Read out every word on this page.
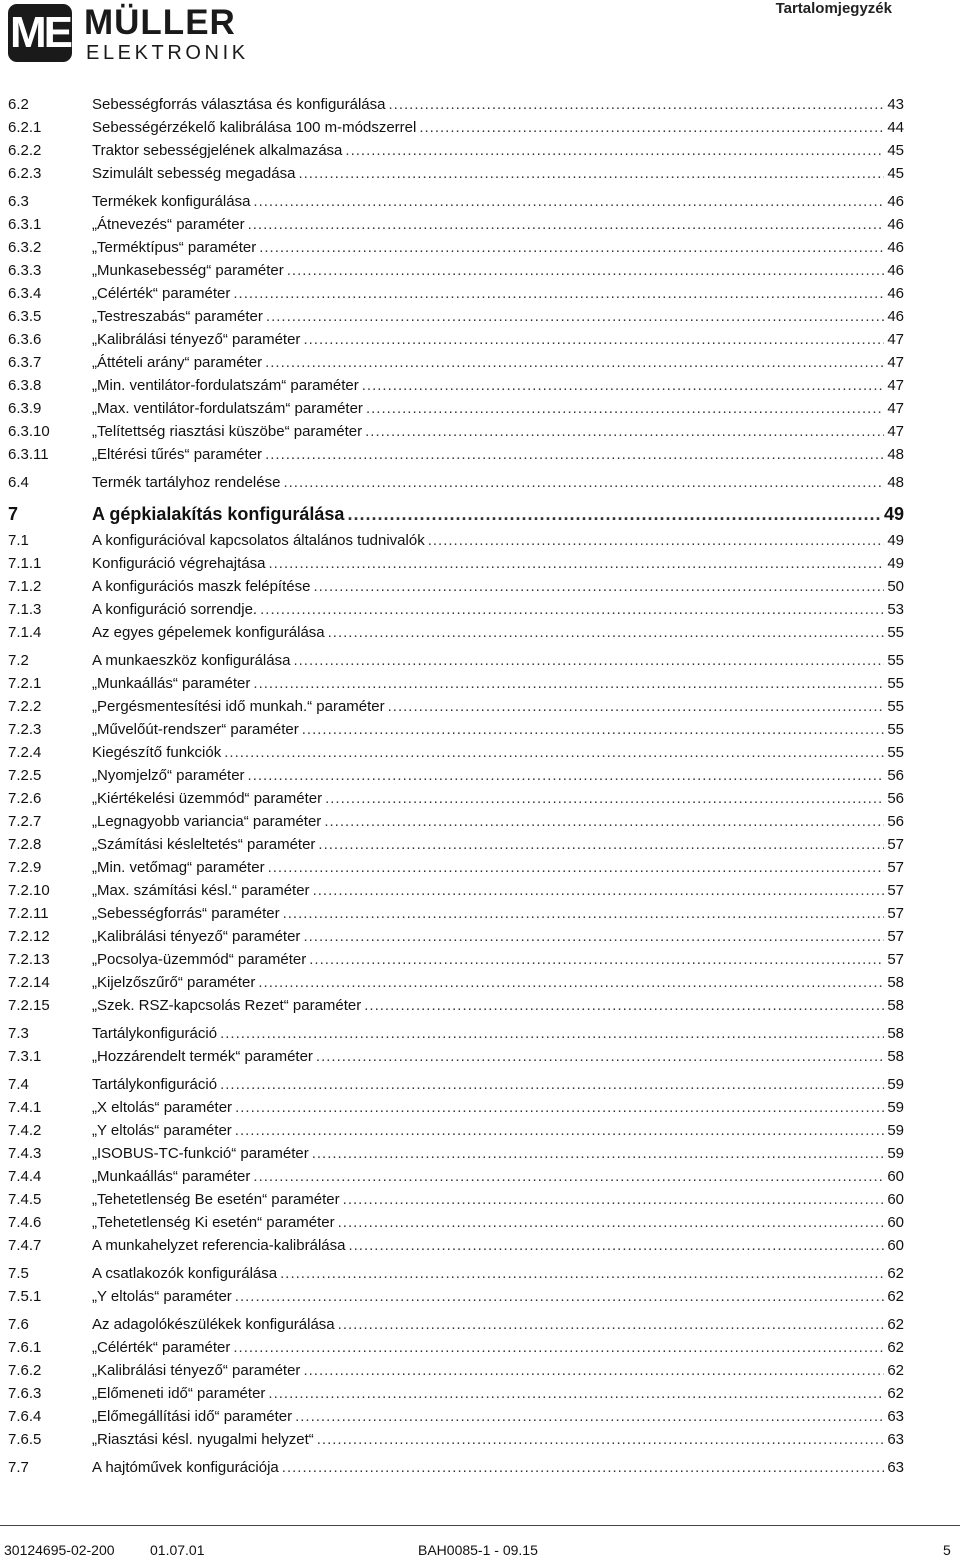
ME MÜLLER
ELEKTRONIK
Tartalomjegyzék
6.2	Sebességforrás választása és konfigurálása .....	43
6.2.1	Sebességérzékelő kalibrálása 100 m-módszerrel .....	44
6.2.2	Traktor sebességjelének alkalmazása .....	45
6.2.3	Szimulált sebesség megadása .....	45
6.3	Termékek konfigurálása .....	46
6.3.1	„Átnevezés“ paraméter .....	46
6.3.2	„Terméktípus“ paraméter .....	46
6.3.3	„Munkasebesség“ paraméter .....	46
6.3.4	„Célérték“ paraméter .....	46
6.3.5	„Testreszabás“ paraméter .....	46
6.3.6	„Kalibrálási tényező“ paraméter .....	47
6.3.7	„Áttételi arány“ paraméter .....	47
6.3.8	„Min. ventilátor-fordulatszám“ paraméter .....	47
6.3.9	„Max. ventilátor-fordulatszám“ paraméter .....	47
6.3.10	„Telítettség riasztási küszöbe“ paraméter .....	47
6.3.11	„Eltérési tűrés“ paraméter .....	48
6.4	Termék tartályhoz rendelése .....	48
7	A gépkialakítás konfigurálása .....	49
7.1	A konfigurációval kapcsolatos általános tudnivalók .....	49
7.1.1	Konfiguráció végrehajtása .....	49
7.1.2	A konfigurációs maszk felépítése .....	50
7.1.3	A konfiguráció sorrendje. .....	53
7.1.4	Az egyes gépelemek konfigurálása .....	55
7.2	A munkaeszköz konfigurálása .....	55
7.2.1	„Munkaállás“ paraméter .....	55
7.2.2	„Pergésmentesítési idő munkah.“ paraméter .....	55
7.2.3	„Művelőút-rendszer“ paraméter .....	55
7.2.4	Kiegészítő funkciók .....	55
7.2.5	„Nyomjelző“ paraméter .....	56
7.2.6	„Kiértékelési üzemmód“ paraméter .....	56
7.2.7	„Legnagyobb variancia“ paraméter .....	56
7.2.8	„Számítási késleltetés“ paraméter .....	57
7.2.9	„Min. vetőmag“ paraméter .....	57
7.2.10	„Max. számítási késl.“ paraméter .....	57
7.2.11	„Sebességforrás“ paraméter .....	57
7.2.12	„Kalibrálási tényező“ paraméter .....	57
7.2.13	„Pocsolya-üzemmód“ paraméter .....	57
7.2.14	„Kijelzőszűrő“ paraméter .....	58
7.2.15	„Szek. RSZ-kapcsolás Rezet“ paraméter .....	58
7.3	Tartálykonfiguráció .....	58
7.3.1	„Hozzárendelt termék“ paraméter .....	58
7.4	Tartálykonfiguráció .....	59
7.4.1	„X eltolás“ paraméter .....	59
7.4.2	„Y eltolás“ paraméter .....	59
7.4.3	„ISOBUS-TC-funkció“ paraméter .....	59
7.4.4	„Munkaállás“ paraméter .....	60
7.4.5	„Tehetetlenség Be esetén“ paraméter .....	60
7.4.6	„Tehetetlenség Ki esetén“ paraméter .....	60
7.4.7	A munkahelyzet referencia-kalibrálása .....	60
7.5	A csatlakozók konfigurálása .....	62
7.5.1	„Y eltolás“ paraméter .....	62
7.6	Az adagolókészülékek konfigurálása .....	62
7.6.1	„Célérték“ paraméter .....	62
7.6.2	„Kalibrálási tényező“ paraméter .....	62
7.6.3	„Előmeneti idő“ paraméter .....	62
7.6.4	„Előmegállítási idő“ paraméter .....	63
7.6.5	„Riasztási késl. nyugalmi helyzet“ .....	63
7.7	A hajtóművek konfigurációja .....	63
30124695-02-200	01.07.01	BAH0085-1 - 09.15	5
